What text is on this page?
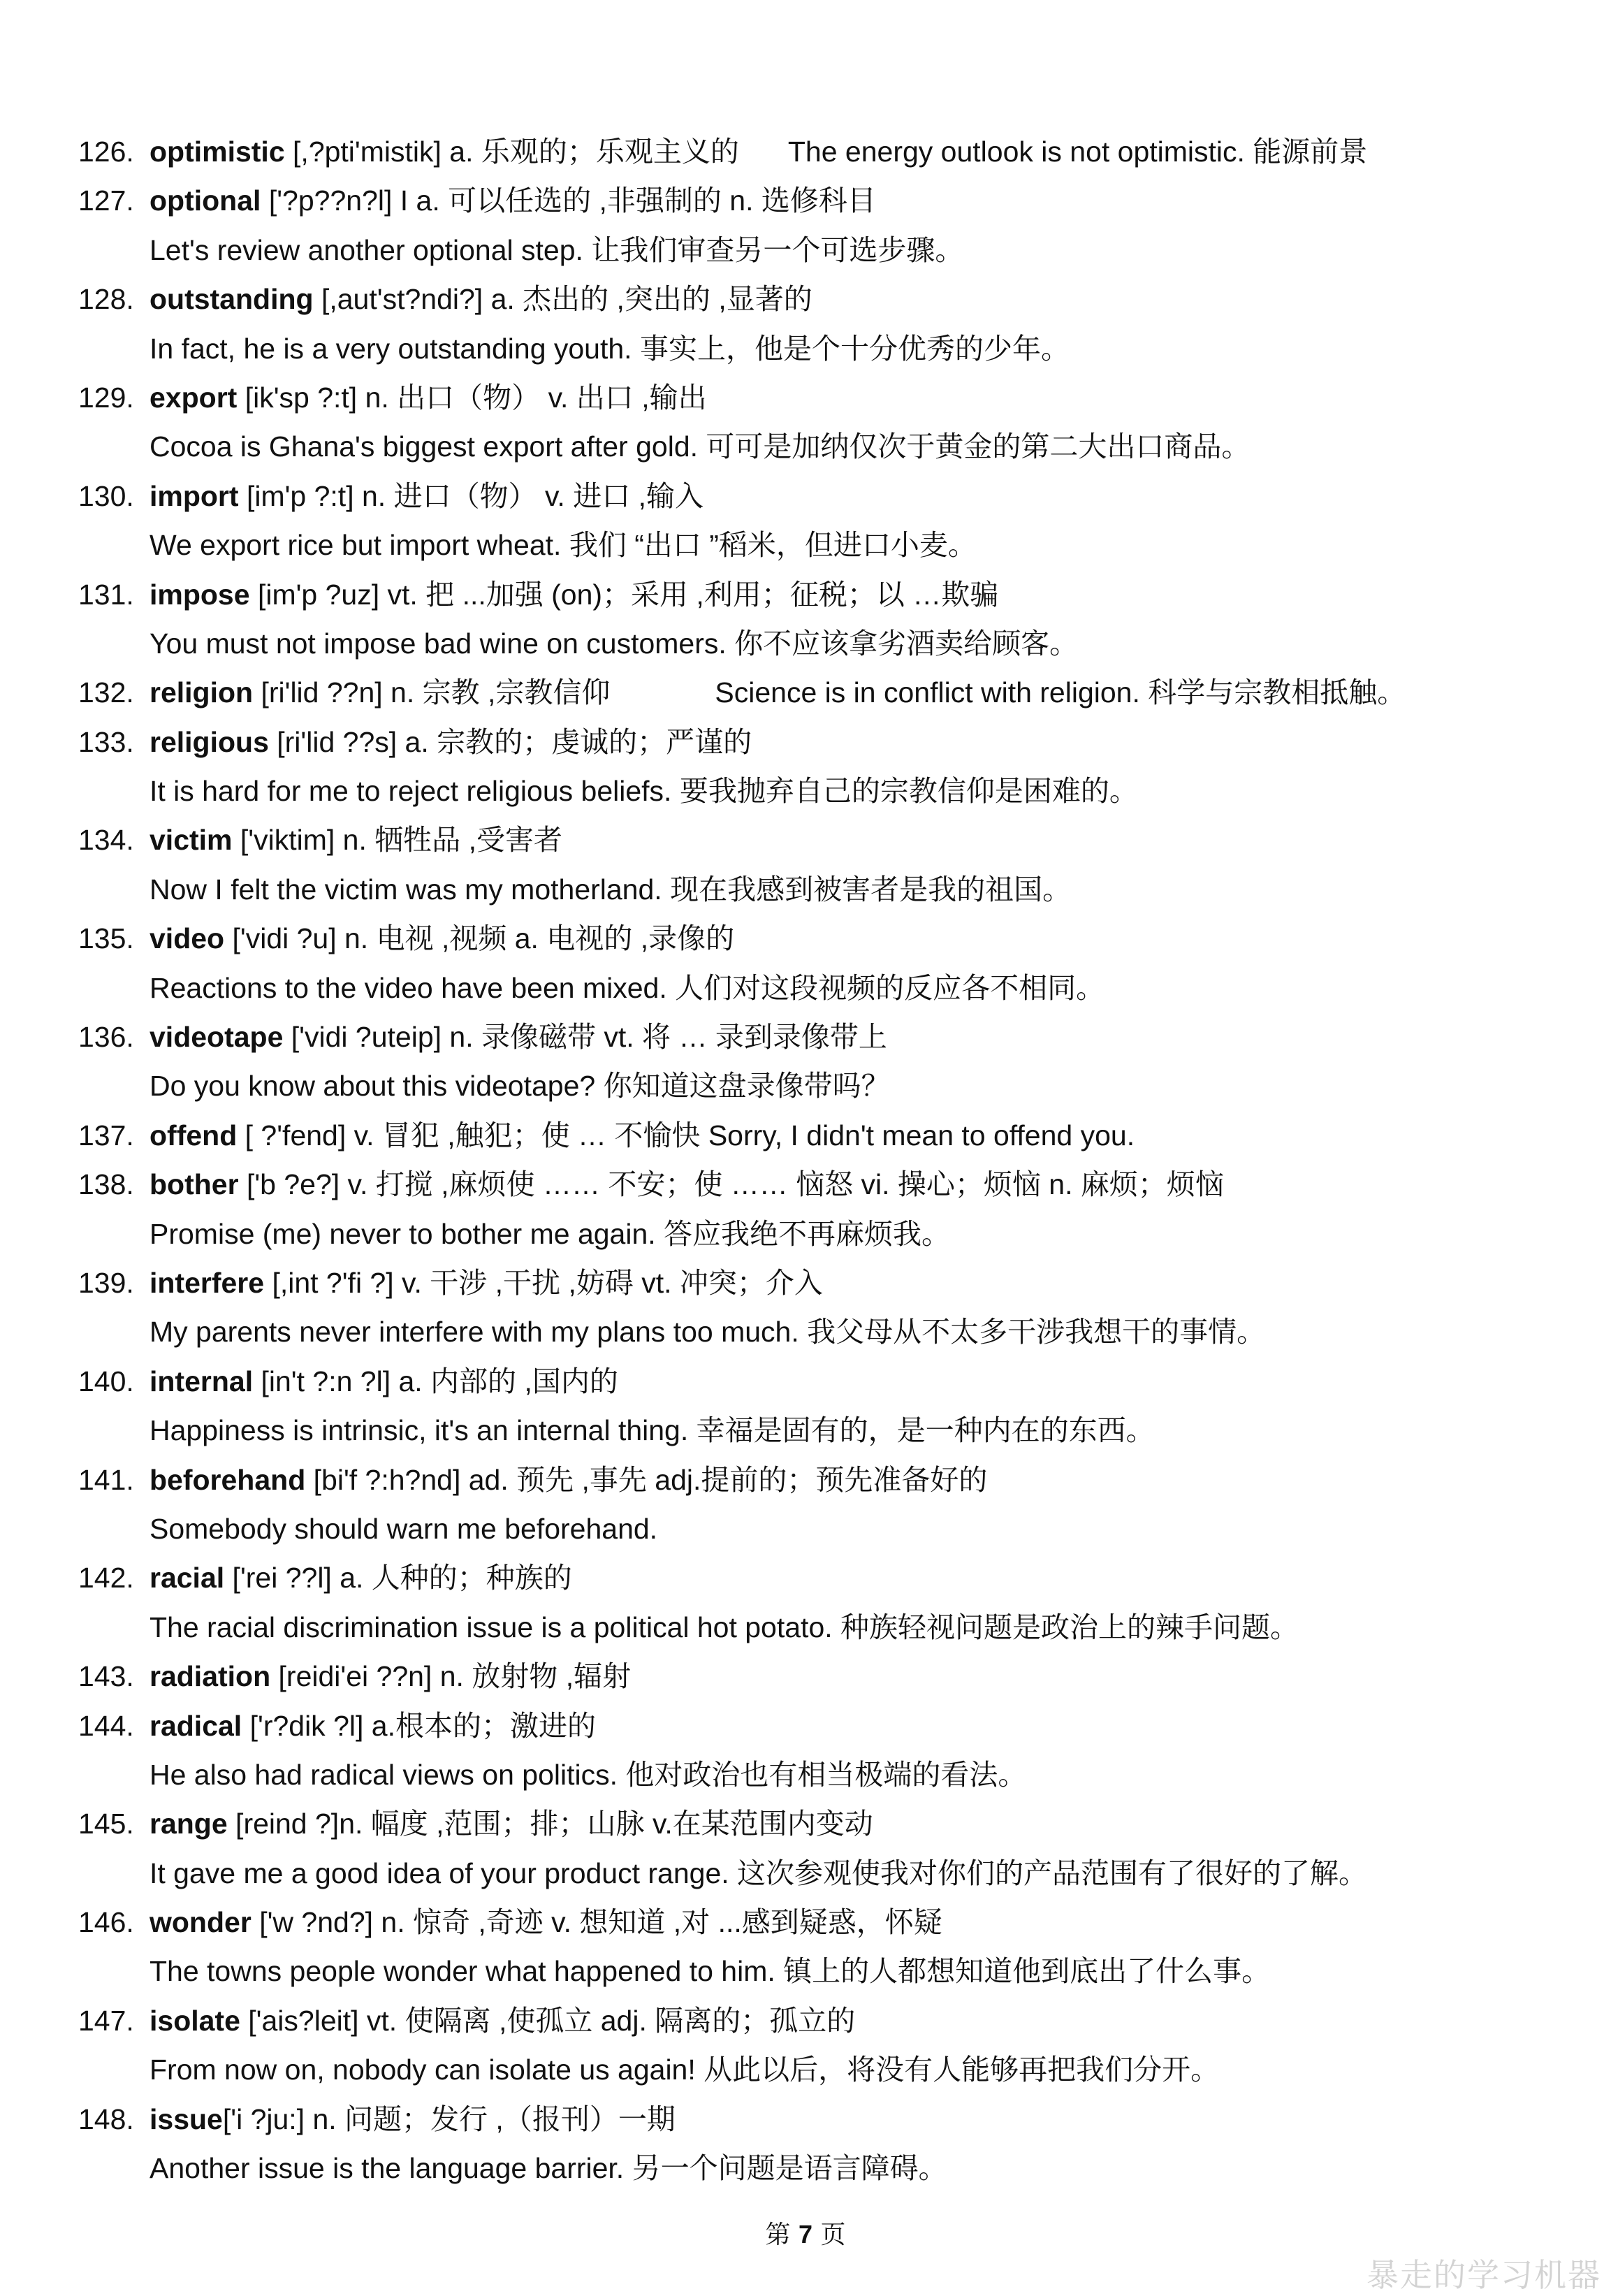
126. optimistic [,?pti'mistik] a. 乐观的；乐观主义的 The energy outlook is not optimistic. 能源前景
127. optional ['?p??n?l] I a. 可以任选的 ,非强制的 n. 选修科目
Let's review another optional step. 让我们审查另一个可选步骤。
128. outstanding [,aut'st?ndi?] a. 杰出的 ,突出的 ,显著的
In fact, he is a very outstanding youth. 事实上，他是个十分优秀的少年。
129. export [ik'sp ?:t] n. 出口（物） v. 出口 ,输出
Cocoa is Ghana's biggest export after gold. 可可是加纳仅次于黄金的第二大出口商品。
130. import [im'p ?:t] n. 进口（物） v. 进口 ,输入
We export rice but import wheat. 我们 “出口 ”稻米，但进口小麦。
131. impose [im'p ?uz] vt. 把 ...加强 (on)；采用 ,利用；征税；以 …欺骗
You must not impose bad wine on customers. 你不应该拿劣酒卖给顾客。
132. religion [ri'lid ??n] n. 宗教 ,宗教信仰	Science is in conflict with religion. 科学与宗教相抵触。
133. religious [ri'lid ??s] a. 宗教的；虔诚的；严谨的
It is hard for me to reject religious beliefs. 要我抛弃自己的宗教信仰是困难的。
134. victim ['viktim] n. 牺牲品 ,受害者
Now I felt the victim was my motherland. 现在我感到被害者是我的祖国。
135. video ['vidi ?u] n. 电视 ,视频 a. 电视的 ,录像的
Reactions to the video have been mixed. 人们对这段视频的反应各不相同。
136. videotape ['vidi ?uteip] n. 录像磁带 vt. 将 … 录到录像带上
Do you know about this videotape? 你知道这盘录像带吗？
137. offend [ ?'fend] v. 冒犯 ,触犯；使 … 不愉快 Sorry, I didn't mean to offend you.
138. bother ['b ?e?] v. 打搅 ,麻烦使 …… 不安；使 …… 恼怒 vi. 操心；烦恼 n. 麻烦；烦恼
Promise (me) never to bother me again. 答应我绝不再麻烦我。
139. interfere [,int ?'fi ?] v. 干涉 ,干扰 ,妨碍 vt. 冲突；介入
My parents never interfere with my plans too much. 我父母从不太多干涉我想干的事情。
140. internal [in't ?:n ?l] a. 内部的 ,国内的
Happiness is intrinsic, it's an internal thing. 幸福是固有的，是一种内在的东西。
141. beforehand [bi'f ?:h?nd] ad. 预先 ,事先 adj.提前的；预先准备好的
Somebody should warn me beforehand.
142. racial ['rei ??l] a. 人种的；种族的
The racial discrimination issue is a political hot potato. 种族轻视问题是政治上的辣手问题。
143. radiation [reidi'ei ??n] n. 放射物 ,辐射
144. radical ['r?dik ?l] a.根本的；激进的
He also had radical views on politics. 他对政治也有相当极端的看法。
145. range [reind ?]n. 幅度 ,范围；排；山脉 v.在某范围内变动
It gave me a good idea of your product range. 这次参观使我对你们的产品范围有了很好的了解。
146. wonder ['w ?nd?] n. 惊奇 ,奇迹 v. 想知道 ,对 ...感到疑惑，怀疑
The towns people wonder what happened to him. 镇上的人都想知道他到底出了什么事。
147. isolate ['ais?leit] vt. 使隔离 ,使孤立 adj. 隔离的；孤立的
From now on, nobody can isolate us again! 从此以后，将没有人能够再把我们分开。
148. issue['i ?ju:] n. 问题；发行 ,（报刊）一期
Another issue is the language barrier. 另一个问题是语言障碍。
第 7 页
暴走的学习机器
